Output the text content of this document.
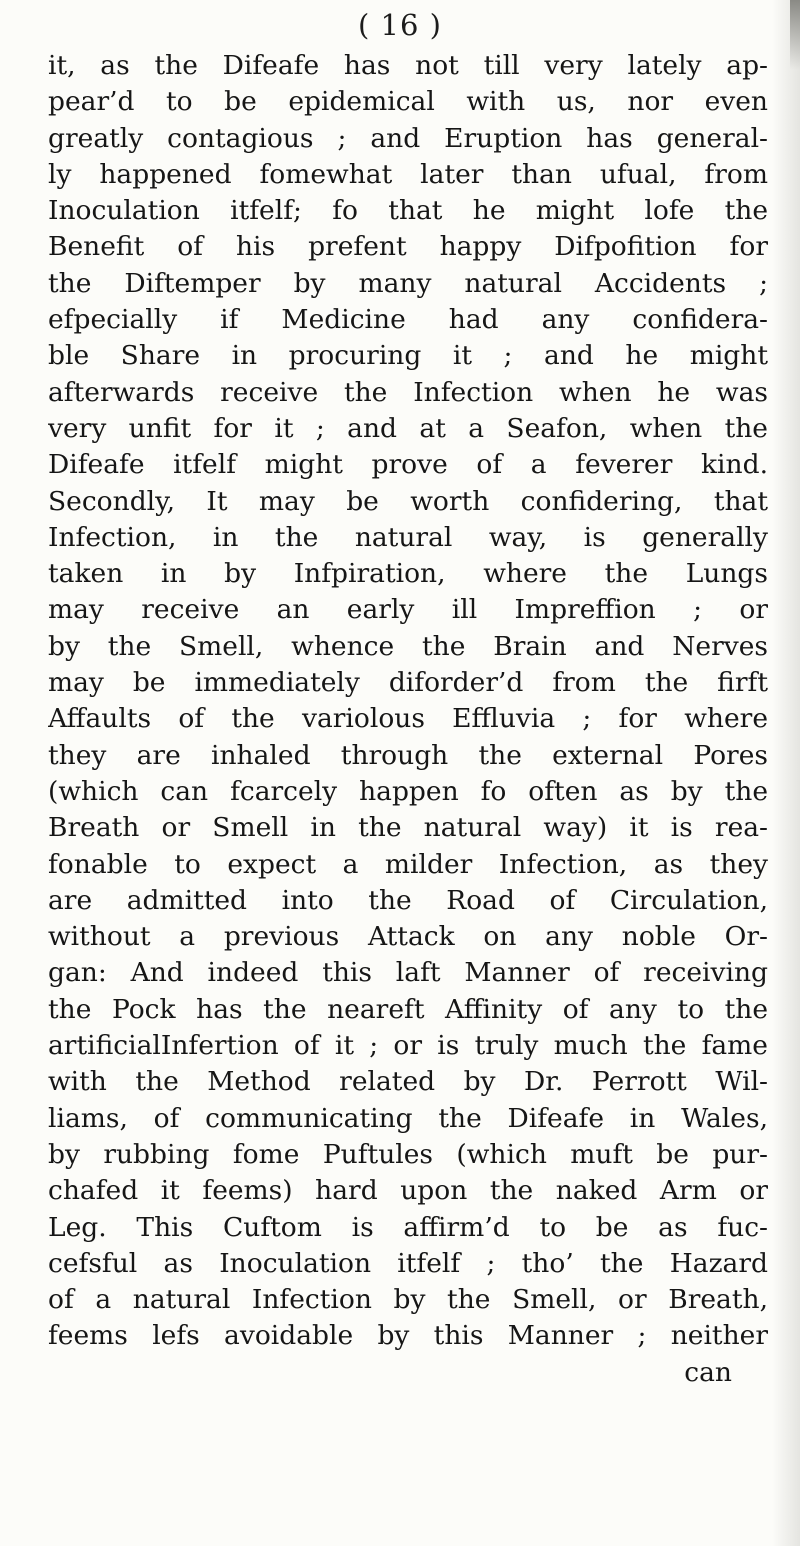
( 16 )
it, as the Difeafe has not till very lately ap-
pear’d to be epidemical with us, nor even
greatly contagious ; and Eruption has general-
ly happened fomewhat later than ufual, from
Inoculation itfelf; fo that he might lofe the
Benefit of his prefent happy Difpofition for
the Diftemper by many natural Accidents ;
efpecially if Medicine had any confidera-
ble Share in procuring it ; and he might
afterwards receive the Infection when he was
very unfit for it ; and at a Seafon, when the
Difeafe itfelf might prove of a feverer kind.
Secondly, It may be worth confidering, that
Infection, in the natural way, is generally
taken in by Infpiration, where the Lungs
may receive an early ill Impreffion ; or
by the Smell, whence the Brain and Nerves
may be immediately diforder’d from the firft
Affaults of the variolous Effluvia ; for where
they are inhaled through the external Pores
(which can fcarcely happen fo often as by the
Breath or Smell in the natural way) it is rea-
fonable to expect a milder Infection, as they
are admitted into the Road of Circulation,
without a previous Attack on any noble Or-
gan: And indeed this laft Manner of receiving
the Pock has the neareft Affinity of any to the
artificialInfertion of it ; or is truly much the fame
with the Method related by Dr. Perrott Wil-
liams, of communicating the Difeafe in Wales,
by rubbing fome Puftules (which muft be pur-
chafed it feems) hard upon the naked Arm or
Leg. This Cuftom is affirm’d to be as fuc-
cefsful as Inoculation itfelf ; tho’ the Hazard
of a natural Infection by the Smell, or Breath,
feems lefs avoidable by this Manner ; neither
can
